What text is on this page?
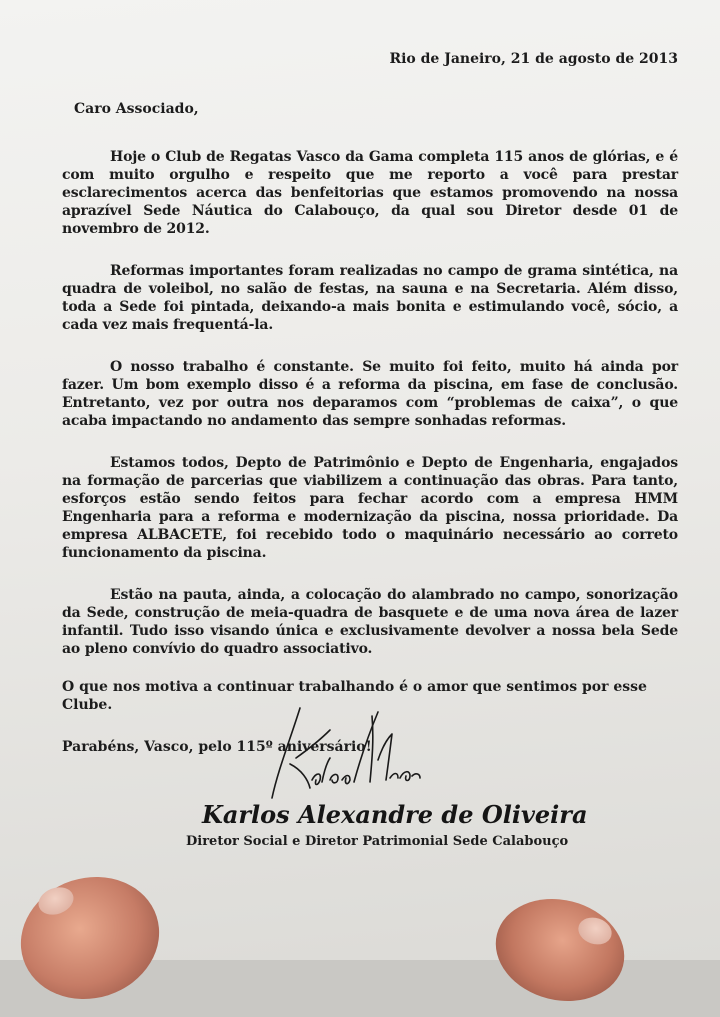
Rio de Janeiro, 21 de agosto de 2013
Caro Associado,

Hoje o Club de Regatas Vasco da Gama completa 115 anos de glórias, e é com muito orgulho e respeito que me reporto a você para prestar esclarecimentos acerca das benfeitorias que estamos promovendo na nossa aprazível Sede Náutica do Calabouço, da qual sou Diretor desde 01 de novembro de 2012.

Reformas importantes foram realizadas no campo de grama sintética, na quadra de voleibol, no salão de festas, na sauna e na Secretaria. Além disso, toda a Sede foi pintada, deixando-a mais bonita e estimulando você, sócio, a cada vez mais frequentá-la.

O nosso trabalho é constante. Se muito foi feito, muito há ainda por fazer. Um bom exemplo disso é a reforma da piscina, em fase de conclusão. Entretanto, vez por outra nos deparamos com “problemas de caixa”, o que acaba impactando no andamento das sempre sonhadas reformas.

Estamos todos, Depto de Patrimônio e Depto de Engenharia, engajados na formação de parcerias que viabilizem a continuação das obras. Para tanto, esforços estão sendo feitos para fechar acordo com a empresa HMM Engenharia para a reforma e modernização da piscina, nossa prioridade. Da empresa ALBACETE, foi recebido todo o maquinário necessário ao correto funcionamento da piscina.

Estão na pauta, ainda, a colocação do alambrado no campo, sonorização da Sede, construção de meia-quadra de basquete e de uma nova área de lazer infantil. Tudo isso visando única e exclusivamente devolver a nossa bela Sede ao pleno convívio do quadro associativo.

O que nos motiva a continuar trabalhando é o amor que sentimos por esse Clube.
Parabéns, Vasco, pelo 115º aniversário!
Karlos Alexandre de Oliveira
Diretor Social e Diretor Patrimonial Sede Calabouço
